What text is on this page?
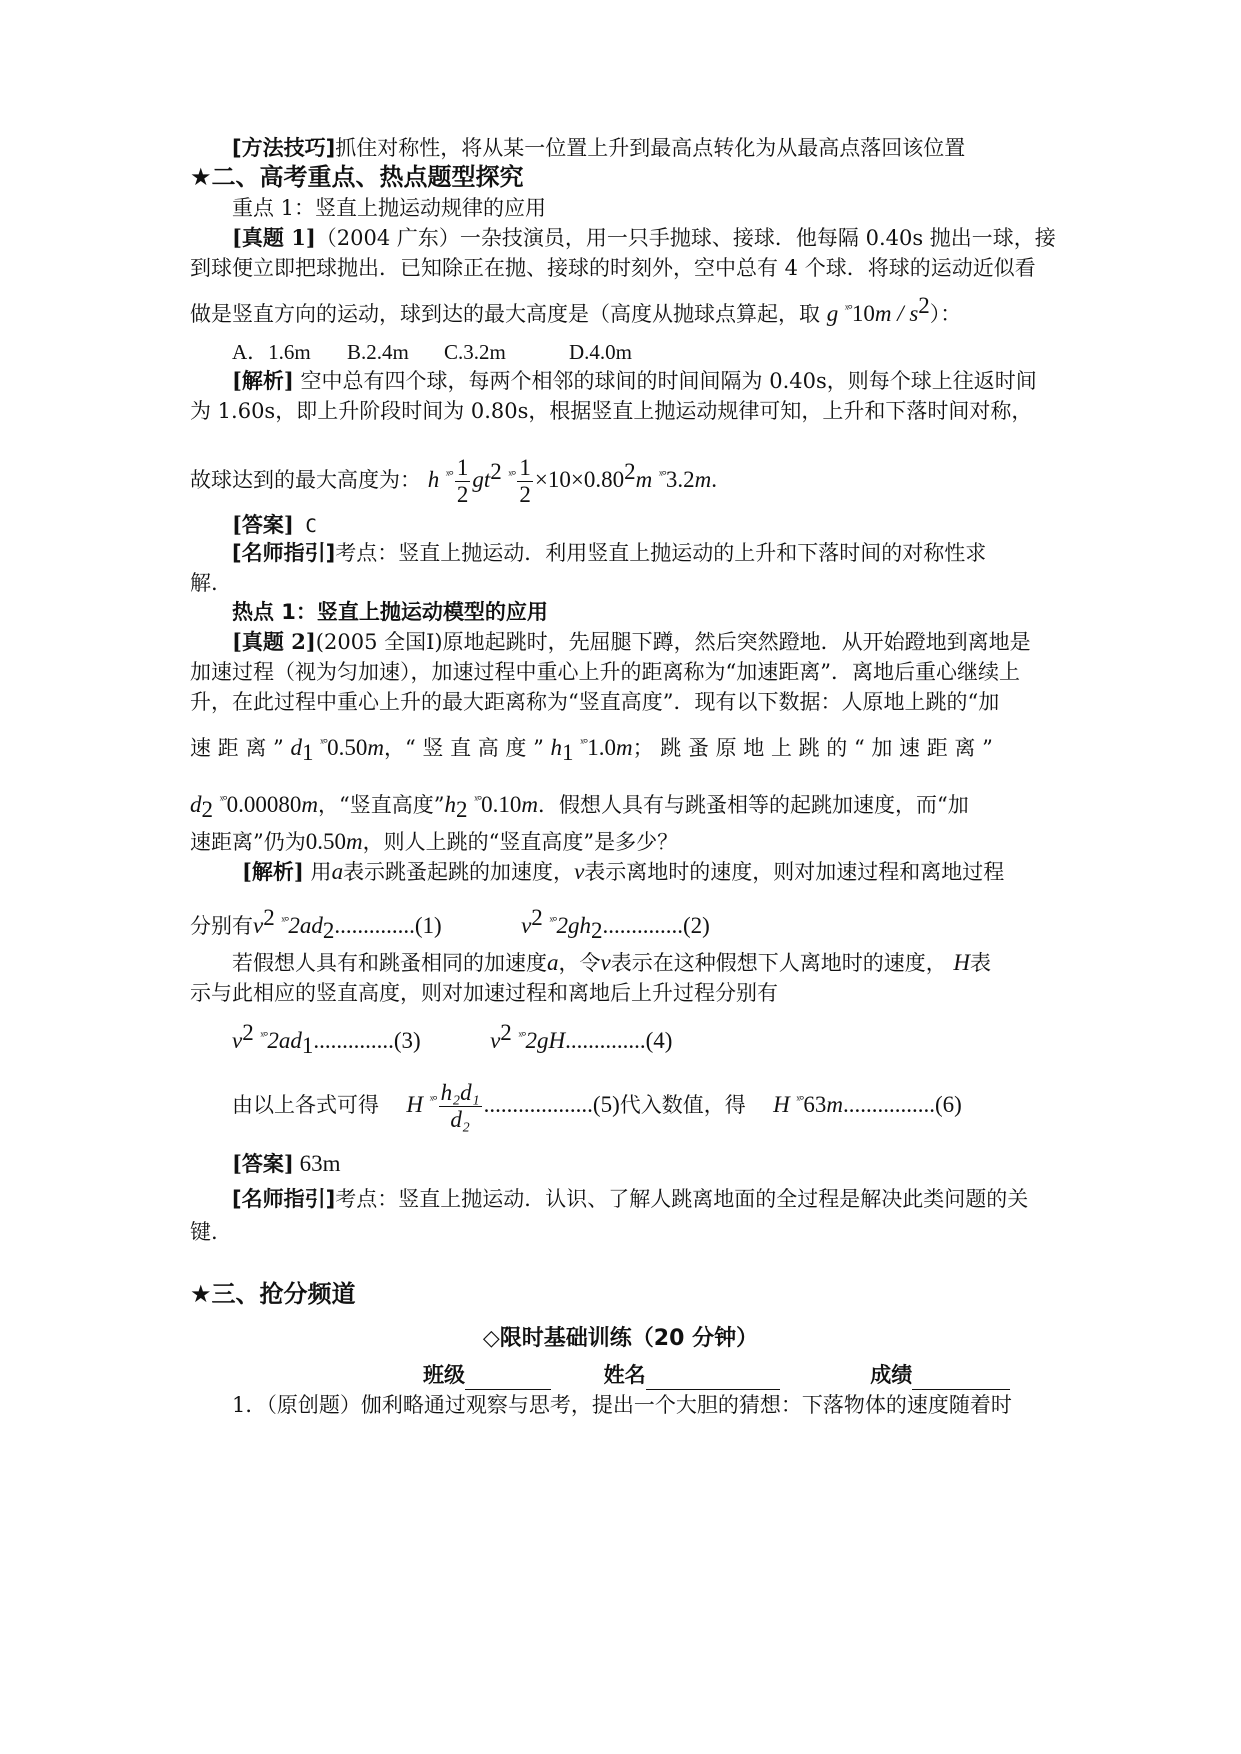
[方法技巧]抓住对称性，将从某一位置上升到最高点转化为从最高点落回该位置
★二、高考重点、热点题型探究
重点 1：竖直上抛运动规律的应用
[真题 1]（2004 广东）一杂技演员，用一只手抛球、接球．他每隔 0.40s 抛出一球，接
到球便立即把球抛出．已知除正在抛、接球的时刻外，空中总有 4 个球．将球的运动近似看
做是竖直方向的运动，球到达的最大高度是（高度从抛球点算起，取 g $^{ˣ^\circ}10m / s^2$）：
A．1.6m B.2.4m C.3.2m	D.4.0m
[解析] 空中总有四个球，每两个相邻的球间的时间间隔为 0.40s，则每个球上往返时间
为 1.60s，即上升阶段时间为 0.80s，根据竖直上抛运动规律可知，上升和下落时间对称，
故球达到的最大高度为： h $^{ˣ^\circ} \frac{1}{2} gt^2$ $^{ˣ^\circ} \frac{1}{2} \times 10\times 0.80^2m$ $^{ˣ^\circ}$3.2m.
[答案] C
[名师指引]考点：竖直上抛运动．利用竖直上抛运动的上升和下落时间的对称性求
解.
热点 1：竖直上抛运动模型的应用
[真题 2](2005 全国Ⅰ)原地起跳时，先屈腿下蹲，然后突然蹬地．从开始蹬地到离地是
加速过程（视为匀加速），加速过程中重心上升的距离称为“加速距离”．离地后重心继续上
升，在此过程中重心上升的最大距离称为“竖直高度”．现有以下数据：人原地上跳的“加
速 距 离 ” $d_1$ $^{ˣ^\circ}$0.50m，“ 竖 直 高 度 ” $h_1$ $^{ˣ^\circ}$1.0m； 跳 蚤 原 地 上 跳 的 “ 加 速 距 离 ”
$d_2$ $^{ˣ^\circ}$0.00080m，“竖直高度$”h_2$ $^{ˣ^\circ}$0.10m．假想人具有与跳蚤相等的起跳加速度，而“加
速距离”仍为0.50m，则人上跳的“竖直高度”是多少？
[解析] 用a表示跳蚤起跳的加速度，v表示离地时的速度，则对加速过程和离地过程
分别有$v^2$ $^{ˣ^\circ}2ad_2..............(1)$	$v^2$ $^{ˣ^\circ}2gh_2..............(2)$
若假想人具有和跳蚤相同的加速度a，令v表示在这种假想下人离地时的速度， H表
示与此相应的竖直高度，则对加速过程和离地后上升过程分别有
$v^2$ $^{ˣ^\circ}2ad_1..............(3)$	$v^2$ $^{ˣ^\circ}$2gH..............(4)
由以上各式可得 H $^{ˣ^\circ} \frac{\text{h₂d₁}}{\text{d₂}} ...................(5)$代入数值，得 H $^{ˣ^\circ}$63m................(6)
[答案] 63m
[名师指引]考点：竖直上抛运动．认识、了解人跳离地面的全过程是解决此类问题的关
键.
★三、抢分频道
◇限时基础训练（20 分钟）
班级	姓名	成绩
1．（原创题）伽利略通过观察与思考，提出一个大胆的猜想：下落物体的速度随着时
